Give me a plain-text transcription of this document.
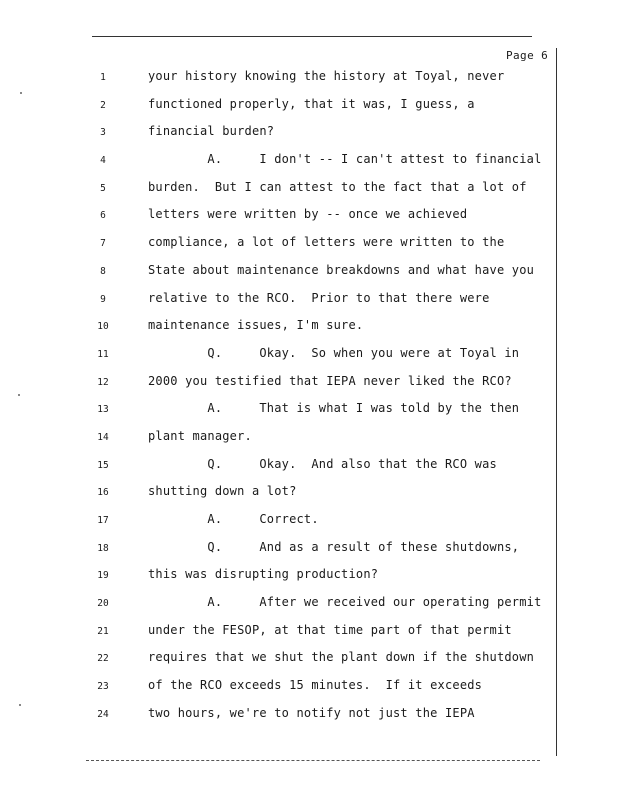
Page 6
1	your history knowing the history at Toyal, never
2	functioned properly, that it was, I guess, a
3	financial burden?
4	A.     I don't -- I can't attest to financial
5	burden.  But I can attest to the fact that a lot of
6	letters were written by -- once we achieved
7	compliance, a lot of letters were written to the
8	State about maintenance breakdowns and what have you
9	relative to the RCO.  Prior to that there were
10	maintenance issues, I'm sure.
11	Q.     Okay.  So when you were at Toyal in
12	2000 you testified that IEPA never liked the RCO?
13	A.     That is what I was told by the then
14	plant manager.
15	Q.     Okay.  And also that the RCO was
16	shutting down a lot?
17	A.     Correct.
18	Q.     And as a result of these shutdowns,
19	this was disrupting production?
20	A.     After we received our operating permit
21	under the FESOP, at that time part of that permit
22	requires that we shut the plant down if the shutdown
23	of the RCO exceeds 15 minutes.  If it exceeds
24	two hours, we're to notify not just the IEPA
